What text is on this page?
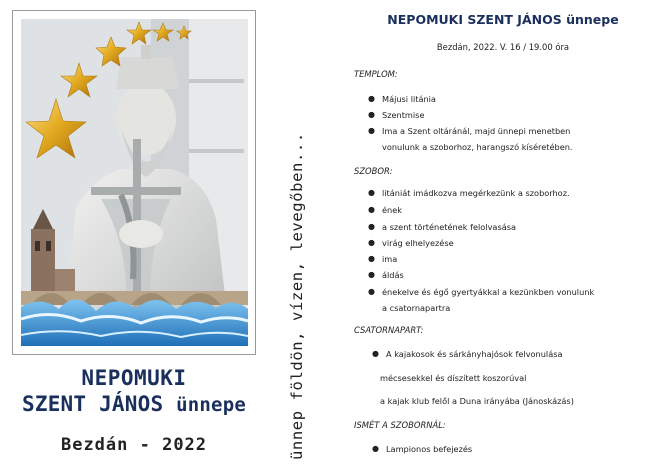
NEPOMUKI
SZENT JÁNOS ünnepe
Bezdán - 2022	ünnep földön, vízen, levegőben...
NEPOMUKI SZENT JÁNOS ünnepe
Bezdán, 2022. V. 16 / 19.00 óra
TEMPLOM:
● Májusi litánia
● Szentmise
● Ima a Szent oltáránál, majd ünnepi menetben
vonulunk a szoborhoz, harangszó kíséretében.
SZOBOR:
● litániát imádkozva megérkezünk a szoborhoz.
● ének
● a szent történetének felolvasása
● virág elhelyezése
● ima
● áldás
● énekelve és égő gyertyákkal a kezünkben vonulunk
a csatornapartra
CSATORNAPART:
● A kajakosok és sárkányhajósok felvonulása
mécsesekkel és díszített koszorúval
a kajak klub felől a Duna irányába (Jánoskázás)
ISMÉT A SZOBORNÁL:
● Lampionos befejezés
